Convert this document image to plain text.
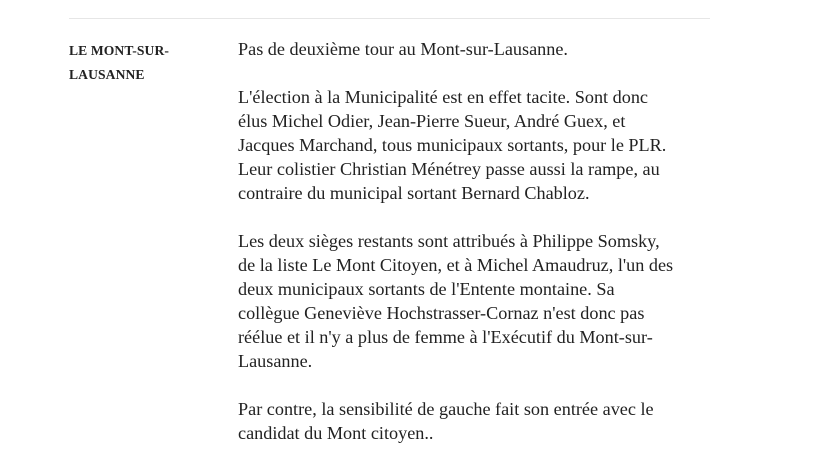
LE MONT-SUR-
LAUSANNE

Pas de deuxième tour au Mont-sur-Lausanne.

L'élection à la Municipalité est en effet tacite. Sont donc
élus Michel Odier, Jean-Pierre Sueur, André Guex, et
Jacques Marchand, tous municipaux sortants, pour le PLR.
Leur colistier Christian Ménétrey passe aussi la rampe, au
contraire du municipal sortant Bernard Chabloz.

Les deux sièges restants sont attribués à Philippe Somsky,
de la liste Le Mont Citoyen, et à Michel Amaudruz, l'un des
deux municipaux sortants de l'Entente montaine. Sa
collègue Geneviève Hochstrasser-Cornaz n'est donc pas
réélue et il n'y a plus de femme à l'Exécutif du Mont-sur-
Lausanne.

Par contre, la sensibilité de gauche fait son entrée avec le
candidat du Mont citoyen..
